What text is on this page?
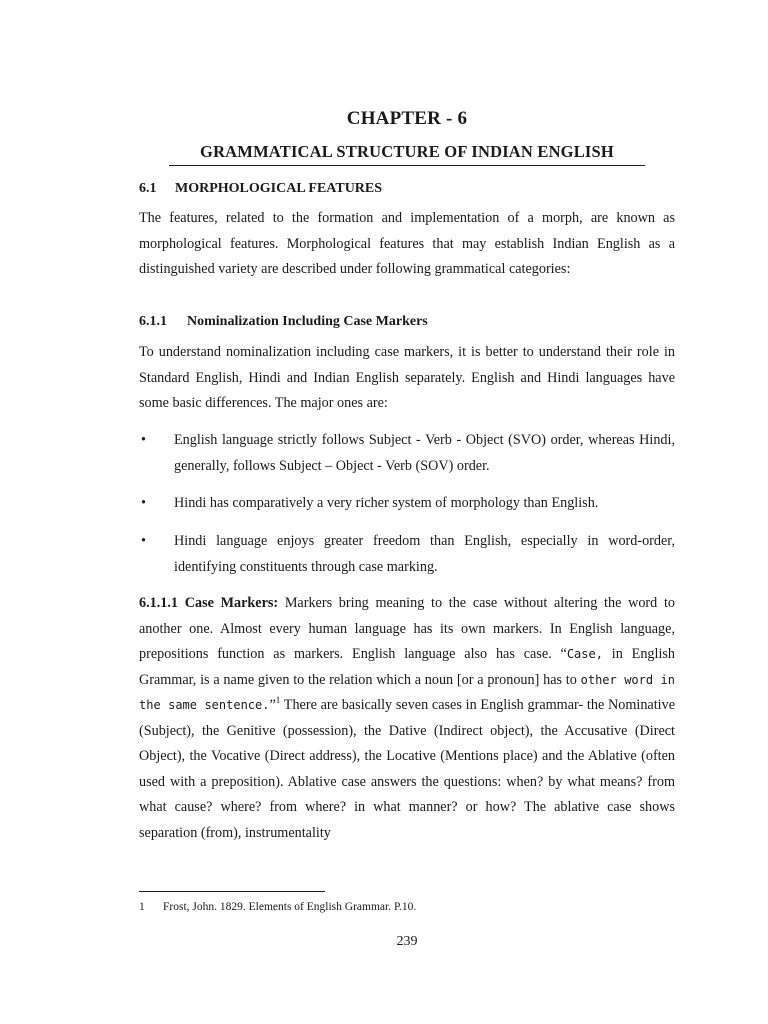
CHAPTER - 6
GRAMMATICAL STRUCTURE OF INDIAN ENGLISH
6.1 MORPHOLOGICAL FEATURES

The features, related to the formation and implementation of a morph, are known as morphological features. Morphological features that may establish Indian English as a distinguished variety are described under following grammatical categories:

6.1.1 Nominalization Including Case Markers

To understand nominalization including case markers, it is better to understand their role in Standard English, Hindi and Indian English separately. English and Hindi languages have some basic differences. The major ones are:

• English language strictly follows Subject - Verb - Object (SVO) order, whereas Hindi, generally, follows Subject – Object - Verb (SOV) order.
• Hindi has comparatively a very richer system of morphology than English.
• Hindi language enjoys greater freedom than English, especially in word-order, identifying constituents through case marking.

6.1.1.1 Case Markers: Markers bring meaning to the case without altering the word to another one. Almost every human language has its own markers. In English language, prepositions function as markers. English language also has case. “Case, in English Grammar, is a name given to the relation which a noun [or a pronoun] has to other word in the same sentence.”$^1$ There are basically seven cases in English grammar- the Nominative (Subject), the Genitive (possession), the Dative (Indirect object), the Accusative (Direct Object), the Vocative (Direct address), the Locative (Mentions place) and the Ablative (often used with a preposition). Ablative case answers the questions: when? by what means? from what cause? where? from where? in what manner? or how? The ablative case shows separation (from), instrumentality

1 Frost, John. 1829. Elements of English Grammar. P.10.
239
